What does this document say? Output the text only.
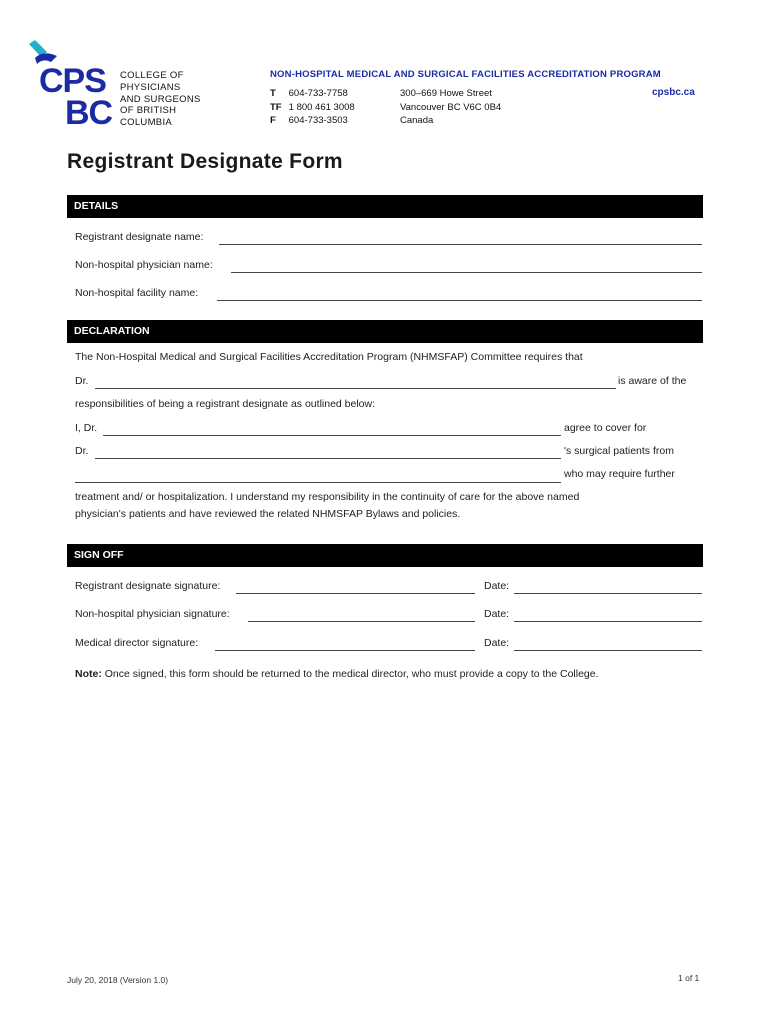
CPS
BC
COLLEGE OF
PHYSICIANS
AND SURGEONS
OF BRITISH
COLUMBIA
NON-HOSPITAL MEDICAL AND SURGICAL FACILITIES ACCREDITATION PROGRAM
T 604-733-7758
TF 1 800 461 3008
F 604-733-3503
300–669 Howe Street
Vancouver BC V6C 0B4
Canada
cpsbc.ca
Registrant Designate Form
DETAILS
Registrant designate name:
Non-hospital physician name:
Non-hospital facility name:
DECLARATION
The Non-Hospital Medical and Surgical Facilities Accreditation Program (NHMSFAP) Committee requires that
Dr.	is aware of the
responsibilities of being a registrant designate as outlined below:
I, Dr.	agree to cover for
Dr.	's surgical patients from
who may require further
treatment and/ or hospitalization. I understand my responsibility in the continuity of care for the above named
physician's patients and have reviewed the related NHMSFAP Bylaws and policies.
SIGN OFF
Registrant designate signature:	Date:
Non-hospital physician signature:	Date:
Medical director signature:	Date:
Note: Once signed, this form should be returned to the medical director, who must provide a copy to the College.
July 20, 2018 (Version 1.0)	1 of 1
